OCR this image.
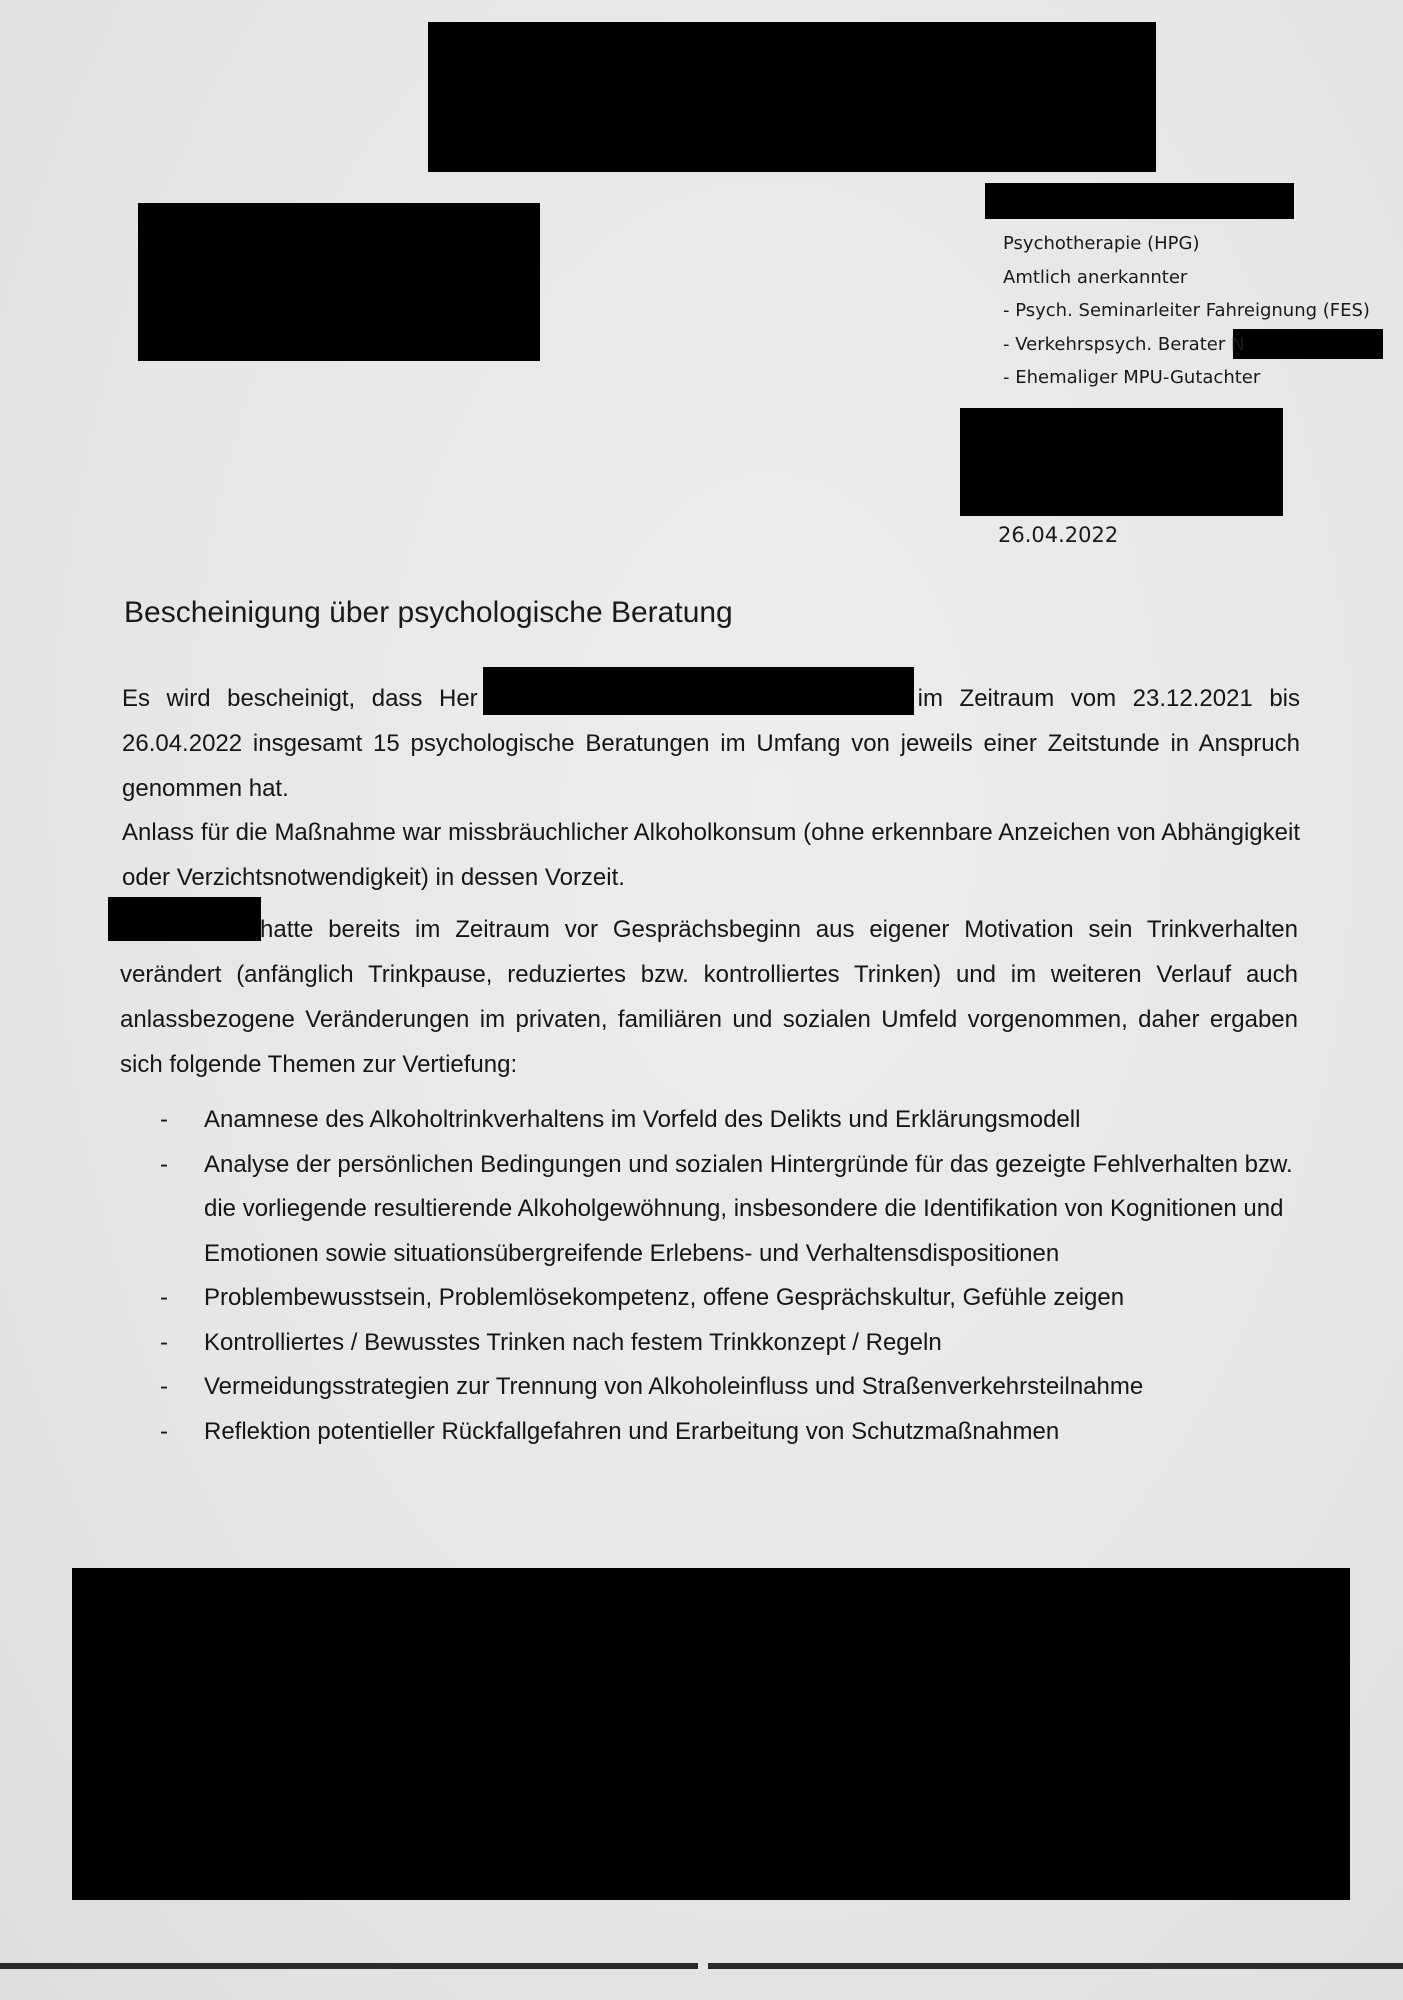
Psychotherapie (HPG)
Amtlich anerkannter
- Psych. Seminarleiter Fahreignung (FES)
- Verkehrspsych. Berater N
- Ehemaliger MPU-Gutachter
26.04.2022
Bescheinigung über psychologische Beratung
Es wird bescheinigt, dass Her	im Zeitraum vom 23.12.2021 bis 26.04.2022 insgesamt 15 psychologische Beratungen im Umfang von jeweils einer Zeitstunde in Anspruch genommen hat.
Anlass für die Maßnahme war missbräuchlicher Alkoholkonsum (ohne erkennbare Anzeichen von Abhängigkeit oder Verzichtsnotwendigkeit) in dessen Vorzeit.
hatte bereits im Zeitraum vor Gesprächsbeginn aus eigener Motivation sein Trinkverhalten verändert (anfänglich Trinkpause, reduziertes bzw. kontrolliertes Trinken) und im weiteren Verlauf auch anlassbezogene Veränderungen im privaten, familiären und sozialen Umfeld vorgenommen, daher ergaben sich folgende Themen zur Vertiefung:
- Anamnese des Alkoholtrinkverhaltens im Vorfeld des Delikts und Erklärungsmodell
- Analyse der persönlichen Bedingungen und sozialen Hintergründe für das gezeigte Fehlverhalten bzw. die vorliegende resultierende Alkoholgewöhnung, insbesondere die Identifikation von Kognitionen und Emotionen sowie situationsübergreifende Erlebens- und Verhaltensdispositionen
- Problembewusstsein, Problemlösekompetenz, offene Gesprächskultur, Gefühle zeigen
- Kontrolliertes / Bewusstes Trinken nach festem Trinkkonzept / Regeln
- Vermeidungsstrategien zur Trennung von Alkoholeinfluss und Straßenverkehrsteilnahme
- Reflektion potentieller Rückfallgefahren und Erarbeitung von Schutzmaßnahmen
